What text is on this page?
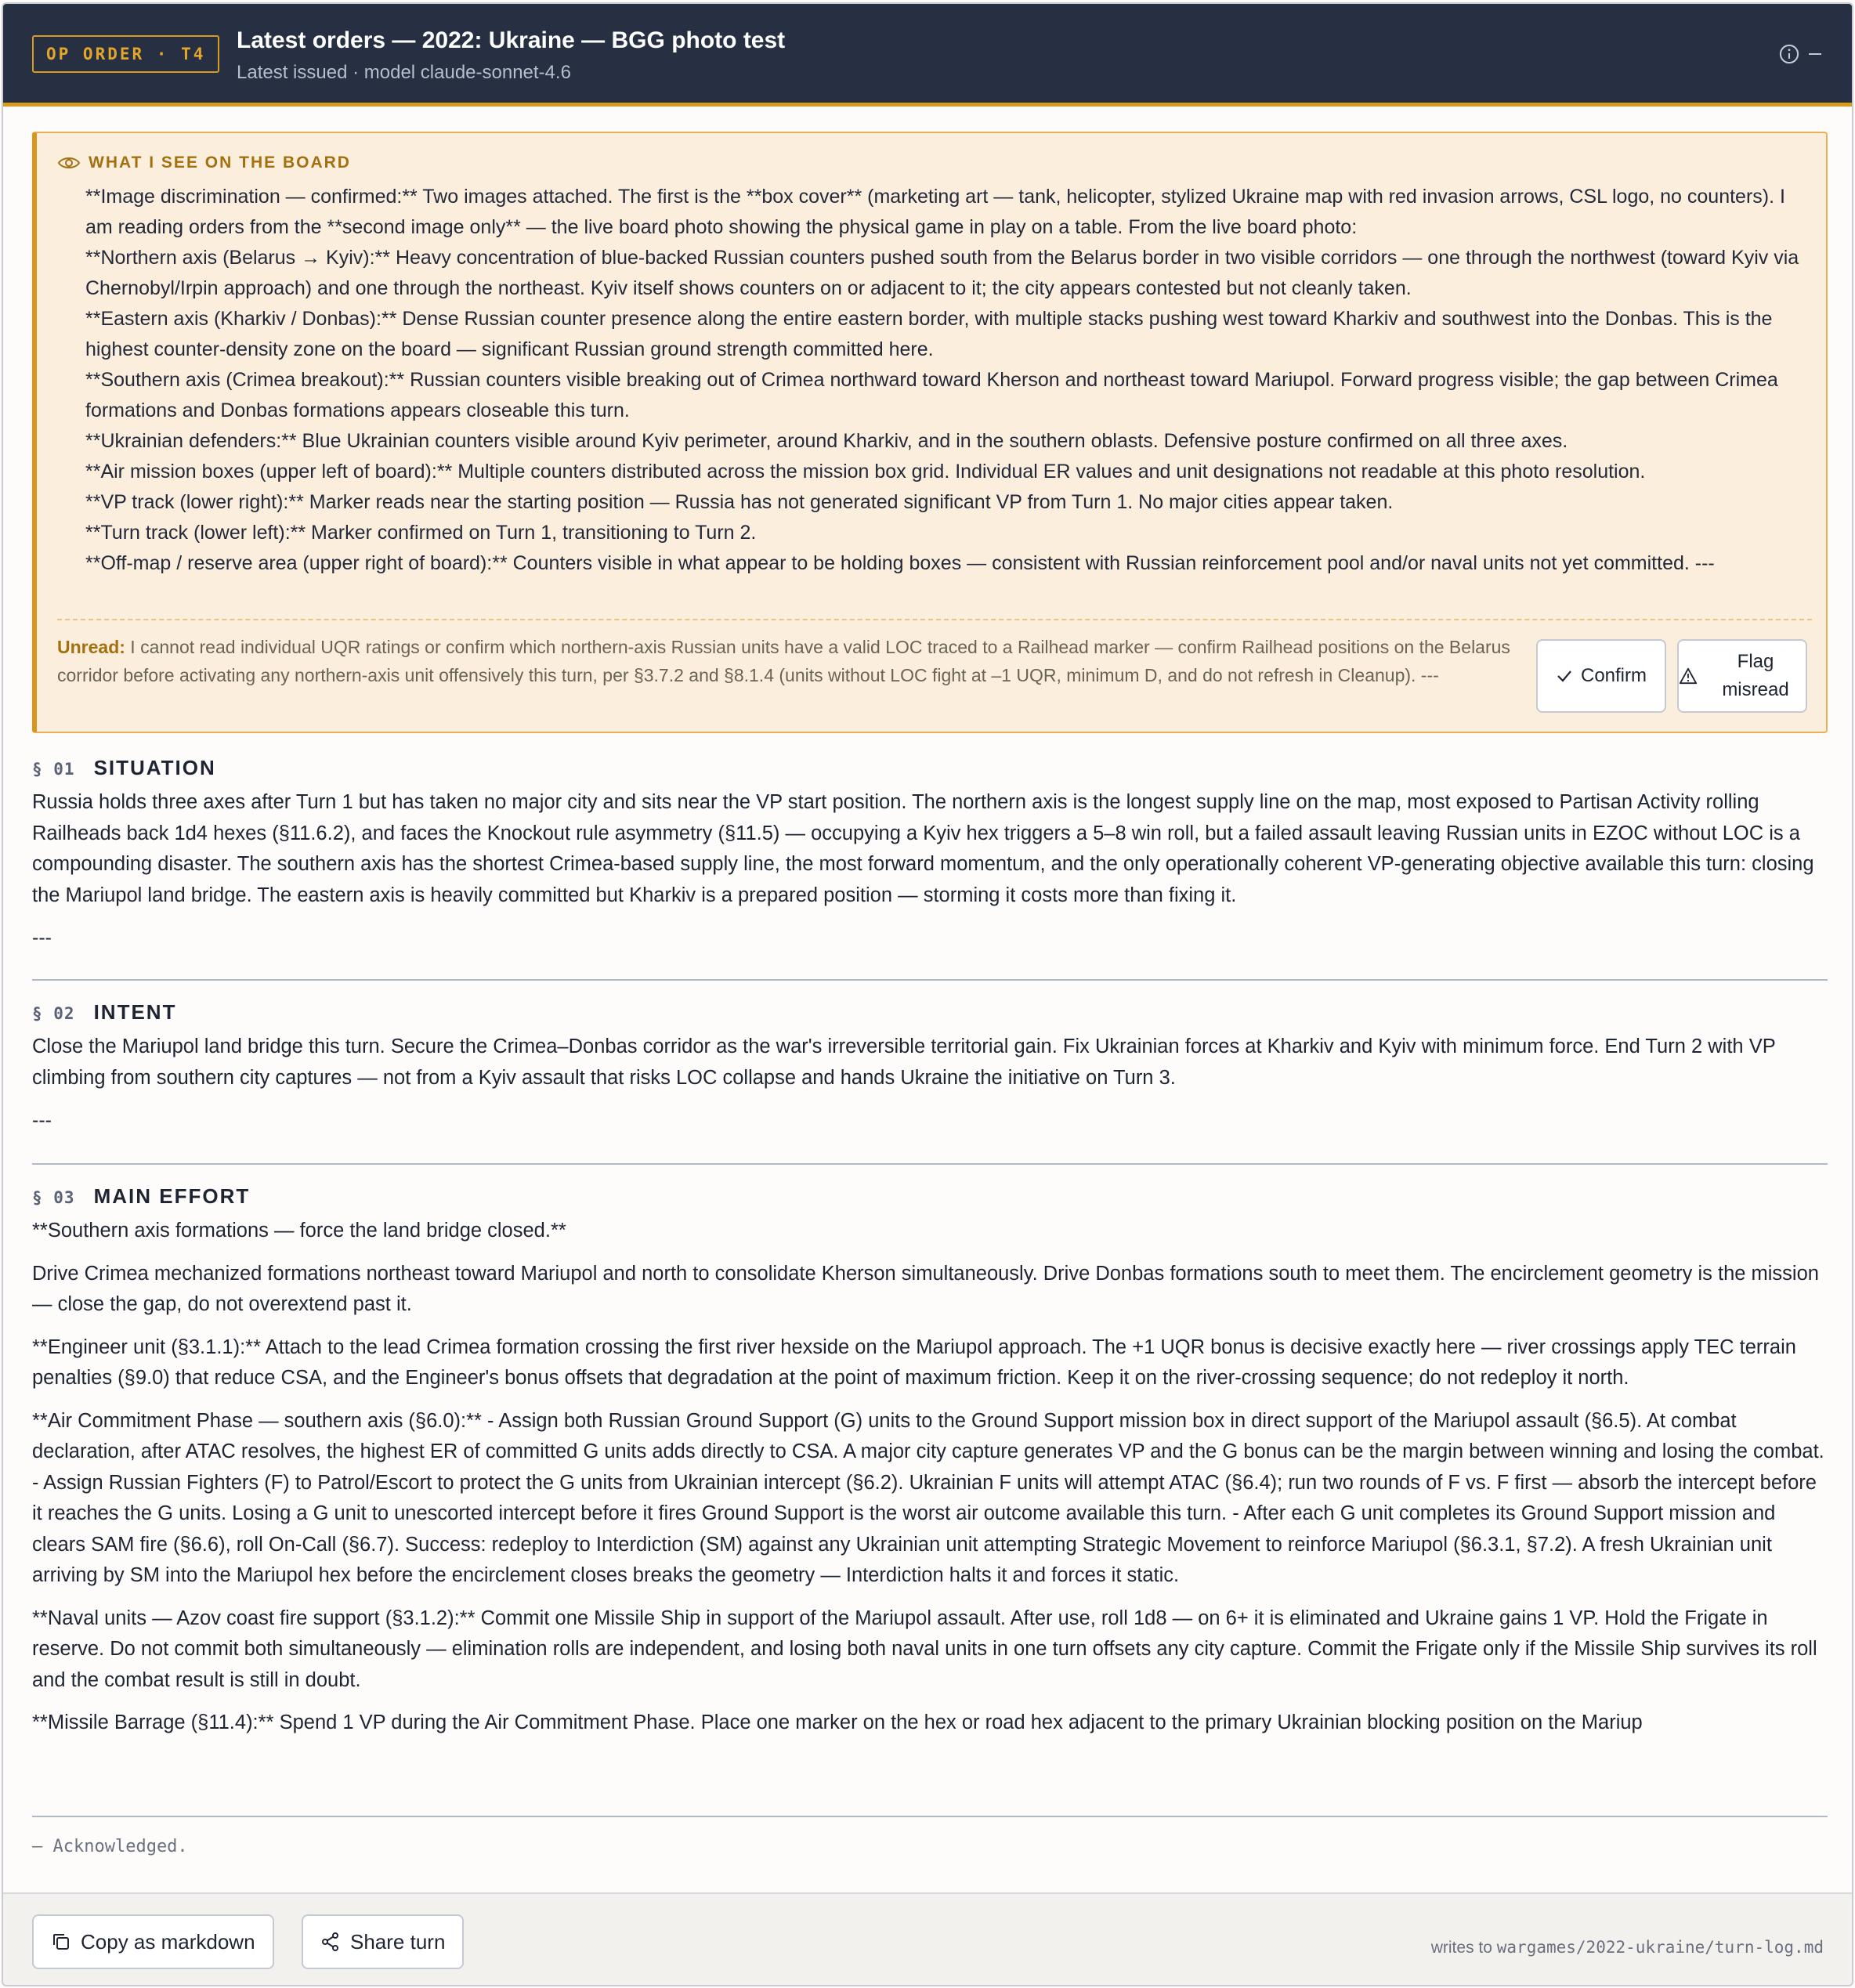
OP ORDER · T4
Latest orders — 2022: Ukraine — BGG photo test
Latest issued · model claude-sonnet-4.6
WHAT I SEE ON THE BOARD

**Image discrimination — confirmed:** Two images attached. The first is the **box cover** (marketing art — tank, helicopter, stylized Ukraine map with red invasion arrows, CSL logo, no counters). I am reading orders from the **second image only** — the live board photo showing the physical game in play on a table. From the live board photo:

**Northern axis (Belarus → Kyiv):** Heavy concentration of blue-backed Russian counters pushed south from the Belarus border in two visible corridors — one through the northwest (toward Kyiv via Chernobyl/Irpin approach) and one through the northeast. Kyiv itself shows counters on or adjacent to it; the city appears contested but not cleanly taken.

**Eastern axis (Kharkiv / Donbas):** Dense Russian counter presence along the entire eastern border, with multiple stacks pushing west toward Kharkiv and southwest into the Donbas. This is the highest counter-density zone on the board — significant Russian ground strength committed here.

**Southern axis (Crimea breakout):** Russian counters visible breaking out of Crimea northward toward Kherson and northeast toward Mariupol. Forward progress visible; the gap between Crimea formations and Donbas formations appears closeable this turn.

**Ukrainian defenders:** Blue Ukrainian counters visible around Kyiv perimeter, around Kharkiv, and in the southern oblasts. Defensive posture confirmed on all three axes.

**Air mission boxes (upper left of board):** Multiple counters distributed across the mission box grid. Individual ER values and unit designations not readable at this photo resolution.

**VP track (lower right):** Marker reads near the starting position — Russia has not generated significant VP from Turn 1. No major cities appear taken.

**Turn track (lower left):** Marker confirmed on Turn 1, transitioning to Turn 2.

**Off-map / reserve area (upper right of board):** Counters visible in what appear to be holding boxes — consistent with Russian reinforcement pool and/or naval units not yet committed. ---

Unread: I cannot read individual UQR ratings or confirm which northern-axis Russian units have a valid LOC traced to a Railhead marker — confirm Railhead positions on the Belarus corridor before activating any northern-axis unit offensively this turn, per §3.7.2 and §8.1.4 (units without LOC fight at –1 UQR, minimum D, and do not refresh in Cleanup). ---	Confirm
Flag misread
§ 01 SITUATION

Russia holds three axes after Turn 1 but has taken no major city and sits near the VP start position. The northern axis is the longest supply line on the map, most exposed to Partisan Activity rolling Railheads back 1d4 hexes (§11.6.2), and faces the Knockout rule asymmetry (§11.5) — occupying a Kyiv hex triggers a 5–8 win roll, but a failed assault leaving Russian units in EZOC without LOC is a compounding disaster. The southern axis has the shortest Crimea-based supply line, the most forward momentum, and the only operationally coherent VP-generating objective available this turn: closing the Mariupol land bridge. The eastern axis is heavily committed but Kharkiv is a prepared position — storming it costs more than fixing it.

---
§ 02 INTENT

Close the Mariupol land bridge this turn. Secure the Crimea–Donbas corridor as the war's irreversible territorial gain. Fix Ukrainian forces at Kharkiv and Kyiv with minimum force. End Turn 2 with VP climbing from southern city captures — not from a Kyiv assault that risks LOC collapse and hands Ukraine the initiative on Turn 3.

---
§ 03 MAIN EFFORT

**Southern axis formations — force the land bridge closed.**

Drive Crimea mechanized formations northeast toward Mariupol and north to consolidate Kherson simultaneously. Drive Donbas formations south to meet them. The encirclement geometry is the mission — close the gap, do not overextend past it.

**Engineer unit (§3.1.1):** Attach to the lead Crimea formation crossing the first river hexside on the Mariupol approach. The +1 UQR bonus is decisive exactly here — river crossings apply TEC terrain penalties (§9.0) that reduce CSA, and the Engineer's bonus offsets that degradation at the point of maximum friction. Keep it on the river-crossing sequence; do not redeploy it north.

**Air Commitment Phase — southern axis (§6.0):** - Assign both Russian Ground Support (G) units to the Ground Support mission box in direct support of the Mariupol assault (§6.5). At combat declaration, after ATAC resolves, the highest ER of committed G units adds directly to CSA. A major city capture generates VP and the G bonus can be the margin between winning and losing the combat. - Assign Russian Fighters (F) to Patrol/Escort to protect the G units from Ukrainian intercept (§6.2). Ukrainian F units will attempt ATAC (§6.4); run two rounds of F vs. F first — absorb the intercept before it reaches the G units. Losing a G unit to unescorted intercept before it fires Ground Support is the worst air outcome available this turn. - After each G unit completes its Ground Support mission and clears SAM fire (§6.6), roll On-Call (§6.7). Success: redeploy to Interdiction (SM) against any Ukrainian unit attempting Strategic Movement to reinforce Mariupol (§6.3.1, §7.2). A fresh Ukrainian unit arriving by SM into the Mariupol hex before the encirclement closes breaks the geometry — Interdiction halts it and forces it static.

**Naval units — Azov coast fire support (§3.1.2):** Commit one Missile Ship in support of the Mariupol assault. After use, roll 1d8 — on 6+ it is eliminated and Ukraine gains 1 VP. Hold the Frigate in reserve. Do not commit both simultaneously — elimination rolls are independent, and losing both naval units in one turn offsets any city capture. Commit the Frigate only if the Missile Ship survives its roll and the combat result is still in doubt.

**Missile Barrage (§11.4):** Spend 1 VP during the Air Commitment Phase. Place one marker on the hex or road hex adjacent to the primary Ukrainian blocking position on the Mariup

— Acknowledged.
Copy as markdown	Share turn	writes to wargames/2022-ukraine/turn-log.md
